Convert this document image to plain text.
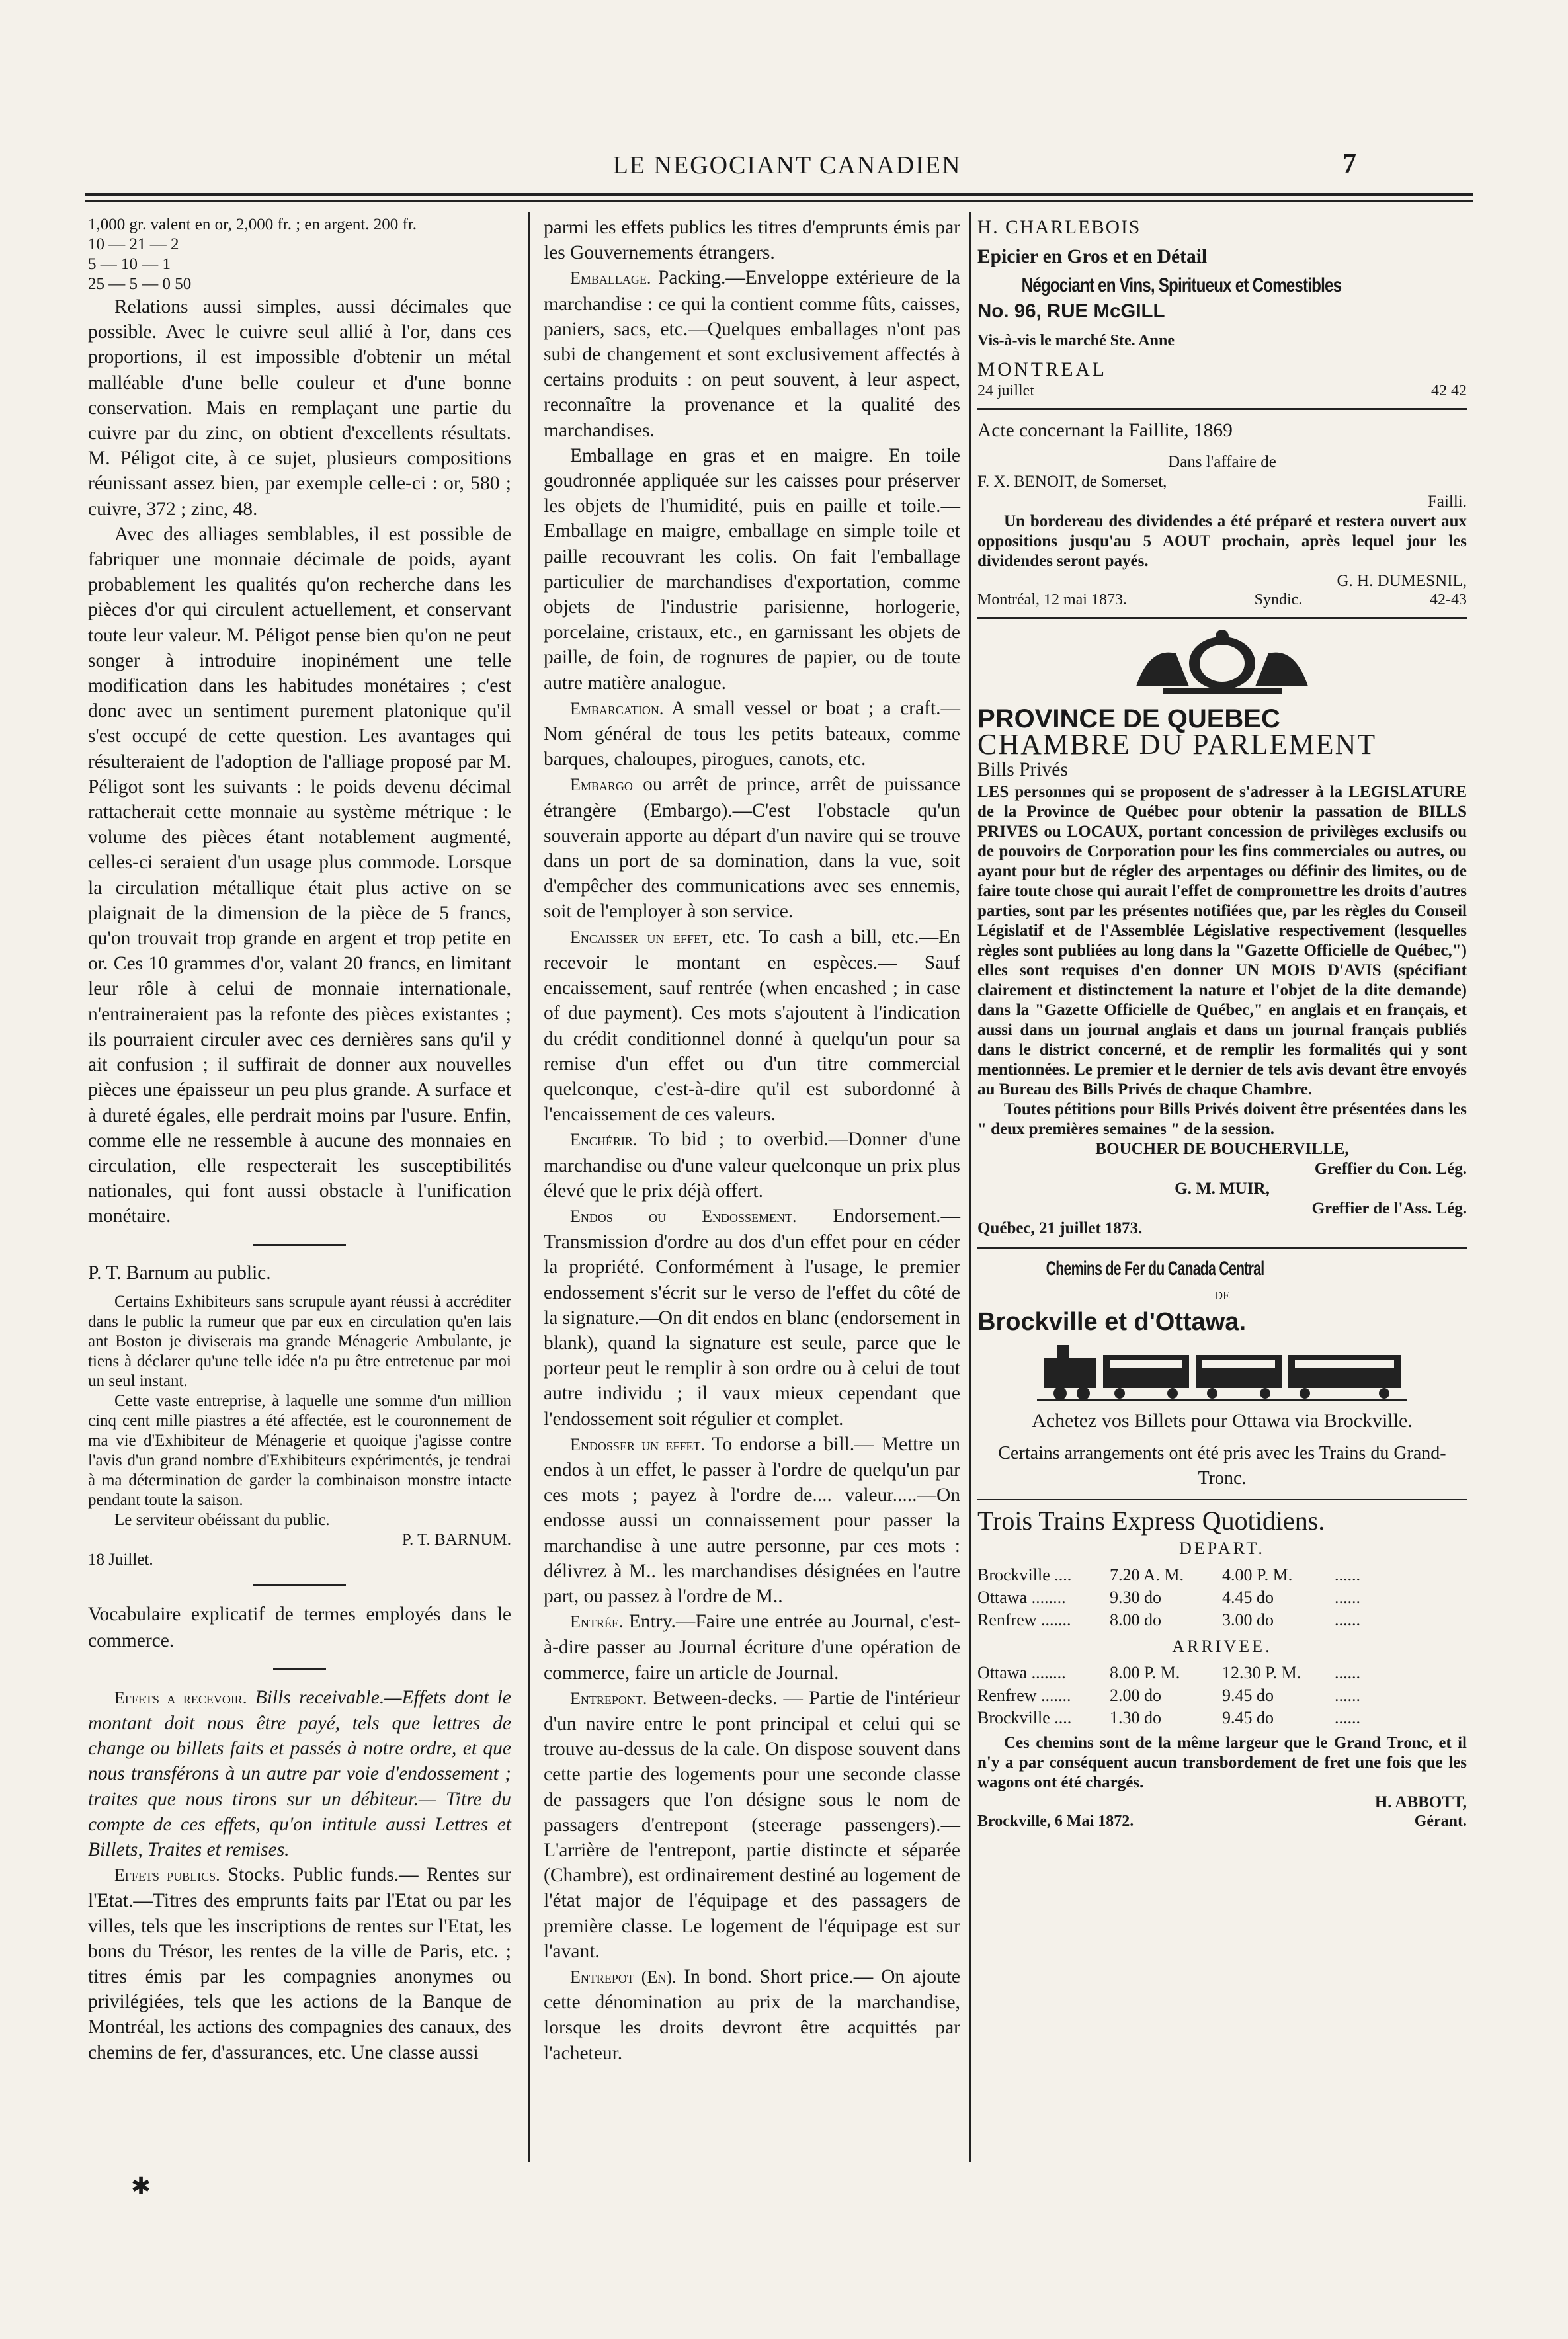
LE NEGOCIANT CANADIEN	7

1,000 gr. valent en or, 2,000 fr. ; en argent. 200 fr.

10 — 21 — 2

5 — 10 — 1

25 — 5 — 0 50

Relations aussi simples, aussi décimales que possible. Avec le cuivre seul allié à l'or, dans ces proportions, il est impossible d'obtenir un métal malléable d'une belle couleur et d'une bonne conservation. Mais en remplaçant une partie du cuivre par du zinc, on obtient d'excellents résultats. M. Péligot cite, à ce sujet, plusieurs compositions réunissant assez bien, par exemple celle-ci : or, 580 ; cuivre, 372 ; zinc, 48.

Avec des alliages semblables, il est possible de fabriquer une monnaie décimale de poids, ayant probablement les qualités qu'on recherche dans les pièces d'or qui circulent actuellement, et conservant toute leur valeur. M. Péligot pense bien qu'on ne peut songer à introduire inopinément une telle modification dans les habitudes monétaires ; c'est donc avec un sentiment purement platonique qu'il s'est occupé de cette question. Les avantages qui résulteraient de l'adoption de l'alliage proposé par M. Péligot sont les suivants : le poids devenu décimal rattacherait cette monnaie au système métrique : le volume des pièces étant notablement augmenté, celles-ci seraient d'un usage plus commode. Lorsque la circulation métallique était plus active on se plaignait de la dimension de la pièce de 5 francs, qu'on trouvait trop grande en argent et trop petite en or. Ces 10 grammes d'or, valant 20 francs, en limitant leur rôle à celui de monnaie internationale, n'entraineraient pas la refonte des pièces existantes ; ils pourraient circuler avec ces dernières sans qu'il y ait confusion ; il suffirait de donner aux nouvelles pièces une épaisseur un peu plus grande. A surface et à dureté égales, elle perdrait moins par l'usure. Enfin, comme elle ne ressemble à aucune des monnaies en circulation, elle respecterait les susceptibilités nationales, qui font aussi obstacle à l'unification monétaire.

P. T. Barnum au public.

Certains Exhibiteurs sans scrupule ayant réussi à accréditer dans le public la rumeur que par eux en circulation qu'en lais ant Boston je diviserais ma grande Ménagerie Ambulante, je tiens à déclarer qu'une telle idée n'a pu être entretenue par moi un seul instant.

Cette vaste entreprise, à laquelle une somme d'un million cinq cent mille piastres a été affectée, est le couronnement de ma vie d'Exhibiteur de Ménagerie et quoique j'agisse contre l'avis d'un grand nombre d'Exhibiteurs expérimentés, je tendrai à ma détermination de garder la combinaison monstre intacte pendant toute la saison.

Le serviteur obéissant du public.

P. T. BARNUM.

18 Juillet.

Vocabulaire explicatif de termes employés dans le commerce.

Effets a recevoir. Bills receivable.—Effets dont le montant doit nous être payé, tels que lettres de change ou billets faits et passés à notre ordre, et que nous transférons à un autre par voie d'endossement ; traites que nous tirons sur un débiteur.— Titre du compte de ces effets, qu'on intitule aussi Lettres et Billets, Traites et remises.

Effets publics. Stocks. Public funds.— Rentes sur l'Etat.—Titres des emprunts faits par l'Etat ou par les villes, tels que les inscriptions de rentes sur l'Etat, les bons du Trésor, les rentes de la ville de Paris, etc. ; titres émis par les compagnies anonymes ou privilégiées, tels que les actions de la Banque de Montréal, les actions des compagnies des canaux, des chemins de fer, d'assurances, etc. Une classe aussi

parmi les effets publics les titres d'emprunts émis par les Gouvernements étrangers.

Emballage. Packing.—Enveloppe extérieure de la marchandise : ce qui la contient comme fûts, caisses, paniers, sacs, etc.—Quelques emballages n'ont pas subi de changement et sont exclusivement affectés à certains produits : on peut souvent, à leur aspect, reconnaître la provenance et la qualité des marchandises.

Emballage en gras et en maigre. En toile goudronnée appliquée sur les caisses pour préserver les objets de l'humidité, puis en paille et toile.—Emballage en maigre, emballage en simple toile et paille recouvrant les colis. On fait l'emballage particulier de marchandises d'exportation, comme objets de l'industrie parisienne, horlogerie, porcelaine, cristaux, etc., en garnissant les objets de paille, de foin, de rognures de papier, ou de toute autre matière analogue.

Embarcation. A small vessel or boat ; a craft.—Nom général de tous les petits bateaux, comme barques, chaloupes, pirogues, canots, etc.

Embargo ou arrêt de prince, arrêt de puissance étrangère (Embargo).—C'est l'obstacle qu'un souverain apporte au départ d'un navire qui se trouve dans un port de sa domination, dans la vue, soit d'empêcher des communications avec ses ennemis, soit de l'employer à son service.

Encaisser un effet, etc. To cash a bill, etc.—En recevoir le montant en espèces.— Sauf encaissement, sauf rentrée (when encashed ; in case of due payment). Ces mots s'ajoutent à l'indication du crédit conditionnel donné à quelqu'un pour sa remise d'un effet ou d'un titre commercial quelconque, c'est-à-dire qu'il est subordonné à l'encaissement de ces valeurs.

Enchérir. To bid ; to overbid.—Donner d'une marchandise ou d'une valeur quelconque un prix plus élevé que le prix déjà offert.

Endos ou Endossement. Endorsement.— Transmission d'ordre au dos d'un effet pour en céder la propriété. Conformément à l'usage, le premier endossement s'écrit sur le verso de l'effet du côté de la signature.—On dit endos en blanc (endorsement in blank), quand la signature est seule, parce que le porteur peut le remplir à son ordre ou à celui de tout autre individu ; il vaux mieux cependant que l'endossement soit régulier et complet.

Endosser un effet. To endorse a bill.— Mettre un endos à un effet, le passer à l'ordre de quelqu'un par ces mots ; payez à l'ordre de.... valeur.....—On endosse aussi un connaissement pour passer la marchandise à une autre personne, par ces mots : délivrez à M.. les marchandises désignées en l'autre part, ou passez à l'ordre de M..

Entrée. Entry.—Faire une entrée au Journal, c'est-à-dire passer au Journal écriture d'une opération de commerce, faire un article de Journal.

Entrepont. Between-decks. — Partie de l'intérieur d'un navire entre le pont principal et celui qui se trouve au-dessus de la cale. On dispose souvent dans cette partie des logements pour une seconde classe de passagers que l'on désigne sous le nom de passagers d'entrepont (steerage passengers).— L'arrière de l'entrepont, partie distincte et séparée (Chambre), est ordinairement destiné au logement de l'état major de l'équipage et des passagers de première classe. Le logement de l'équipage est sur l'avant.

Entrepot (En). In bond. Short price.— On ajoute cette dénomination au prix de la marchandise, lorsque les droits devront être acquittés par l'acheteur.

H. CHARLEBOIS

Epicier en Gros et en Détail

Négociant en Vins, Spiritueux et Comestibles

No. 96, RUE McGILL

Vis-à-vis le marché Ste. Anne

MONTREAL

24 juillet	42 42

Acte concernant la Faillite, 1869

Dans l'affaire de

F. X. BENOIT, de Somerset,

Failli.

Un bordereau des dividendes a été préparé et restera ouvert aux oppositions jusqu'au 5 AOUT prochain, après lequel jour les dividendes seront payés.

G. H. DUMESNIL,

Montréal, 12 mai 1873.	Syndic.	42-43

PROVINCE DE QUEBEC

CHAMBRE DU PARLEMENT

Bills Privés

LES personnes qui se proposent de s'adresser à la LEGISLATURE de la Province de Québec pour obtenir la passation de BILLS PRIVES ou LOCAUX, portant concession de privilèges exclusifs ou de pouvoirs de Corporation pour les fins commerciales ou autres, ou ayant pour but de régler des arpentages ou définir des limites, ou de faire toute chose qui aurait l'effet de compromettre les droits d'autres parties, sont par les présentes notifiées que, par les règles du Conseil Législatif et de l'Assemblée Législative respectivement (lesquelles règles sont publiées au long dans la "Gazette Officielle de Québec,") elles sont requises d'en donner UN MOIS D'AVIS (spécifiant clairement et distinctement la nature et l'objet de la dite demande) dans la "Gazette Officielle de Québec," en anglais et en français, et aussi dans un journal anglais et dans un journal français publiés dans le district concerné, et de remplir les formalités qui y sont mentionnées. Le premier et le dernier de tels avis devant être envoyés au Bureau des Bills Privés de chaque Chambre.

Toutes pétitions pour Bills Privés doivent être présentées dans les " deux premières semaines " de la session.

BOUCHER DE BOUCHERVILLE,

Greffier du Con. Lég.

G. M. MUIR,

Greffier de l'Ass. Lég.

Québec, 21 juillet 1873.

Chemins de Fer du Canada Central

DE

Brockville et d'Ottawa.

Achetez vos Billets pour Ottawa via Brockville.

Certains arrangements ont été pris avec les Trains du Grand-Tronc.

Trois Trains Express Quotidiens.

DEPART.

Brockville ....	7.20 A. M.	4.00 P. M.	......
Ottawa ........	9.30 do	4.45 do	......
Renfrew .......	8.00 do	3.00 do	......

ARRIVEE.

Ottawa ........	8.00 P. M.	12.30 P. M.	......
Renfrew .......	2.00 do	9.45 do	......
Brockville ....	1.30 do	9.45 do	......

Ces chemins sont de la même largeur que le Grand Tronc, et il n'y a par conséquent aucun transbordement de fret une fois que les wagons ont été chargés.

H. ABBOTT,

Brockville, 6 Mai 1872.	Gérant.
✱
